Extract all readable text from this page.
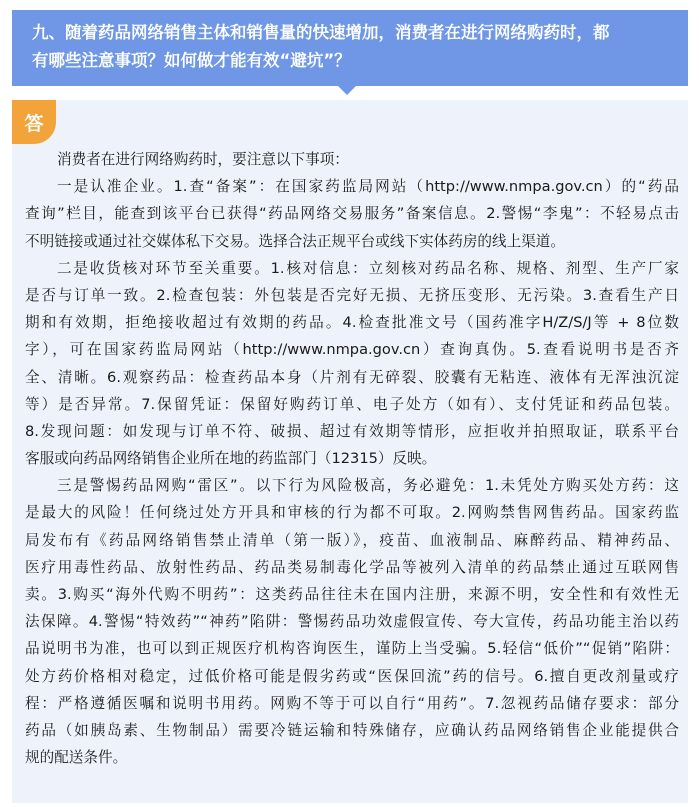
九、随着药品网络销售主体和销售量的快速增加，消费者在进行网络购药时，都
有哪些注意事项？如何做才能有效“避坑”？
答
消费者在进行网络购药时，要注意以下事项：
一是认准企业。1.查“备案”：在国家药监局网站（http://www.nmpa.gov.cn）的“药品
查询”栏目，能查到该平台已获得“药品网络交易服务”备案信息。2.警惕“李鬼”：不轻易点击
不明链接或通过社交媒体私下交易。选择合法正规平台或线下实体药房的线上渠道。
二是收货核对环节至关重要。1.核对信息：立刻核对药品名称、规格、剂型、生产厂家
是否与订单一致。2.检查包装：外包装是否完好无损、无挤压变形、无污染。3.查看生产日
期和有效期，拒绝接收超过有效期的药品。4.检查批准文号（国药准字H/Z/S/J等 + 8位数
字），可在国家药监局网站（http://www.nmpa.gov.cn）查询真伪。5.查看说明书是否齐
全、清晰。6.观察药品：检查药品本身（片剂有无碎裂、胶囊有无粘连、液体有无浑浊沉淀
等）是否异常。7.保留凭证：保留好购药订单、电子处方（如有）、支付凭证和药品包装。
8.发现问题：如发现与订单不符、破损、超过有效期等情形，应拒收并拍照取证，联系平台
客服或向药品网络销售企业所在地的药监部门（12315）反映。
三是警惕药品网购“雷区”。以下行为风险极高，务必避免：1.未凭处方购买处方药：这
是最大的风险！任何绕过处方开具和审核的行为都不可取。2.网购禁售网售药品。国家药监
局发布有《药品网络销售禁止清单（第一版）》，疫苗、血液制品、麻醉药品、精神药品、
医疗用毒性药品、放射性药品、药品类易制毒化学品等被列入清单的药品禁止通过互联网售
卖。3.购买“海外代购不明药”：这类药品往往未在国内注册，来源不明，安全性和有效性无
法保障。4.警惕“特效药”“神药”陷阱：警惕药品功效虚假宣传、夸大宣传，药品功能主治以药
品说明书为准，也可以到正规医疗机构咨询医生，谨防上当受骗。5.轻信“低价”“促销”陷阱：
处方药价格相对稳定，过低价格可能是假劣药或“医保回流”药的信号。6.擅自更改剂量或疗
程：严格遵循医嘱和说明书用药。网购不等于可以自行“用药”。7.忽视药品储存要求：部分
药品（如胰岛素、生物制品）需要冷链运输和特殊储存，应确认药品网络销售企业能提供合
规的配送条件。
